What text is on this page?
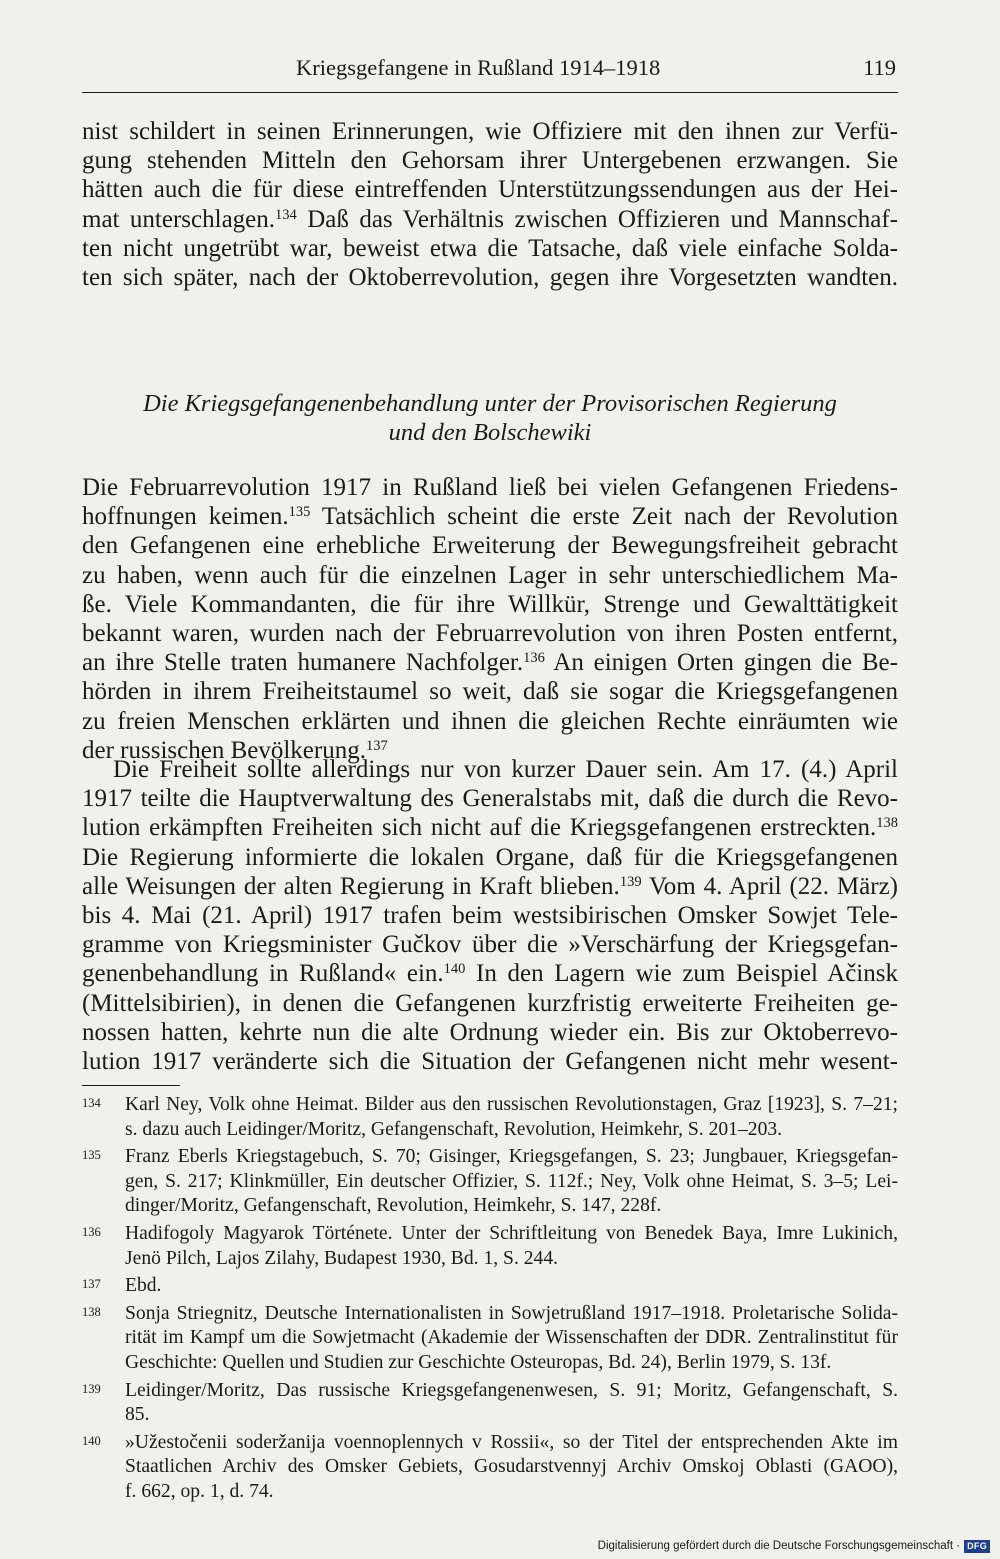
Kriegsgefangene in Rußland 1914–1918	119
nist schildert in seinen Erinnerungen, wie Offiziere mit den ihnen zur Verfü-
gung stehenden Mitteln den Gehorsam ihrer Untergebenen erzwangen. Sie
hätten auch die für diese eintreffenden Unterstützungssendungen aus der Hei-
mat unterschlagen.$^{134}$ Daß das Verhältnis zwischen Offizieren und Mannschaf-
ten nicht ungetrübt war, beweist etwa die Tatsache, daß viele einfache Solda-
ten sich später, nach der Oktoberrevolution, gegen ihre Vorgesetzten wandten.
Die Kriegsgefangenenbehandlung unter der Provisorischen Regierung
und den Bolschewiki
Die Februarrevolution 1917 in Rußland ließ bei vielen Gefangenen Friedens-
hoffnungen keimen.$^{135}$ Tatsächlich scheint die erste Zeit nach der Revolution
den Gefangenen eine erhebliche Erweiterung der Bewegungsfreiheit gebracht
zu haben, wenn auch für die einzelnen Lager in sehr unterschiedlichem Ma-
ße. Viele Kommandanten, die für ihre Willkür, Strenge und Gewalttätigkeit
bekannt waren, wurden nach der Februarrevolution von ihren Posten entfernt,
an ihre Stelle traten humanere Nachfolger.$^{136}$ An einigen Orten gingen die Be-
hörden in ihrem Freiheitstaumel so weit, daß sie sogar die Kriegsgefangenen
zu freien Menschen erklärten und ihnen die gleichen Rechte einräumten wie
der russischen Bevölkerung.$^{137}$
Die Freiheit sollte allerdings nur von kurzer Dauer sein. Am 17. (4.) April
1917 teilte die Hauptverwaltung des Generalstabs mit, daß die durch die Revo-
lution erkämpften Freiheiten sich nicht auf die Kriegsgefangenen erstreckten.$^{138}$
Die Regierung informierte die lokalen Organe, daß für die Kriegsgefangenen
alle Weisungen der alten Regierung in Kraft blieben.$^{139}$ Vom 4. April (22. März)
bis 4. Mai (21. April) 1917 trafen beim westsibirischen Omsker Sowjet Tele-
gramme von Kriegsminister Gučkov über die »Verschärfung der Kriegsgefan-
genenbehandlung in Rußland« ein.$^{140}$ In den Lagern wie zum Beispiel Ačinsk
(Mittelsibirien), in denen die Gefangenen kurzfristig erweiterte Freiheiten ge-
nossen hatten, kehrte nun die alte Ordnung wieder ein. Bis zur Oktoberrevo-
lution 1917 veränderte sich die Situation der Gefangenen nicht mehr wesent-
134 Karl Ney, Volk ohne Heimat. Bilder aus den russischen Revolutionstagen, Graz [1923], S. 7–21;
s. dazu auch Leidinger/Moritz, Gefangenschaft, Revolution, Heimkehr, S. 201–203.
135 Franz Eberls Kriegstagebuch, S. 70; Gisinger, Kriegsgefangen, S. 23; Jungbauer, Kriegsgefan-
gen, S. 217; Klinkmüller, Ein deutscher Offizier, S. 112f.; Ney, Volk ohne Heimat, S. 3–5; Lei-
dinger/Moritz, Gefangenschaft, Revolution, Heimkehr, S. 147, 228f.
136 Hadifogoly Magyarok Története. Unter der Schriftleitung von Benedek Baya, Imre Lukinich,
Jenö Pilch, Lajos Zilahy, Budapest 1930, Bd. 1, S. 244.
137 Ebd.
138 Sonja Striegnitz, Deutsche Internationalisten in Sowjetrußland 1917–1918. Proletarische Solida-
rität im Kampf um die Sowjetmacht (Akademie der Wissenschaften der DDR. Zentralinstitut für
Geschichte: Quellen und Studien zur Geschichte Osteuropas, Bd. 24), Berlin 1979, S. 13f.
139 Leidinger/Moritz, Das russische Kriegsgefangenenwesen, S. 91; Moritz, Gefangenschaft, S.
85.
140 »Užestočenii soderžanija voennoplennych v Rossii«, so der Titel der entsprechenden Akte im
Staatlichen Archiv des Omsker Gebiets, Gosudarstvennyj Archiv Omskoj Oblasti (GAOO),
f. 662, op. 1, d. 74.
Digitalisierung gefördert durch die Deutsche Forschungsgemeinschaft · DFG
